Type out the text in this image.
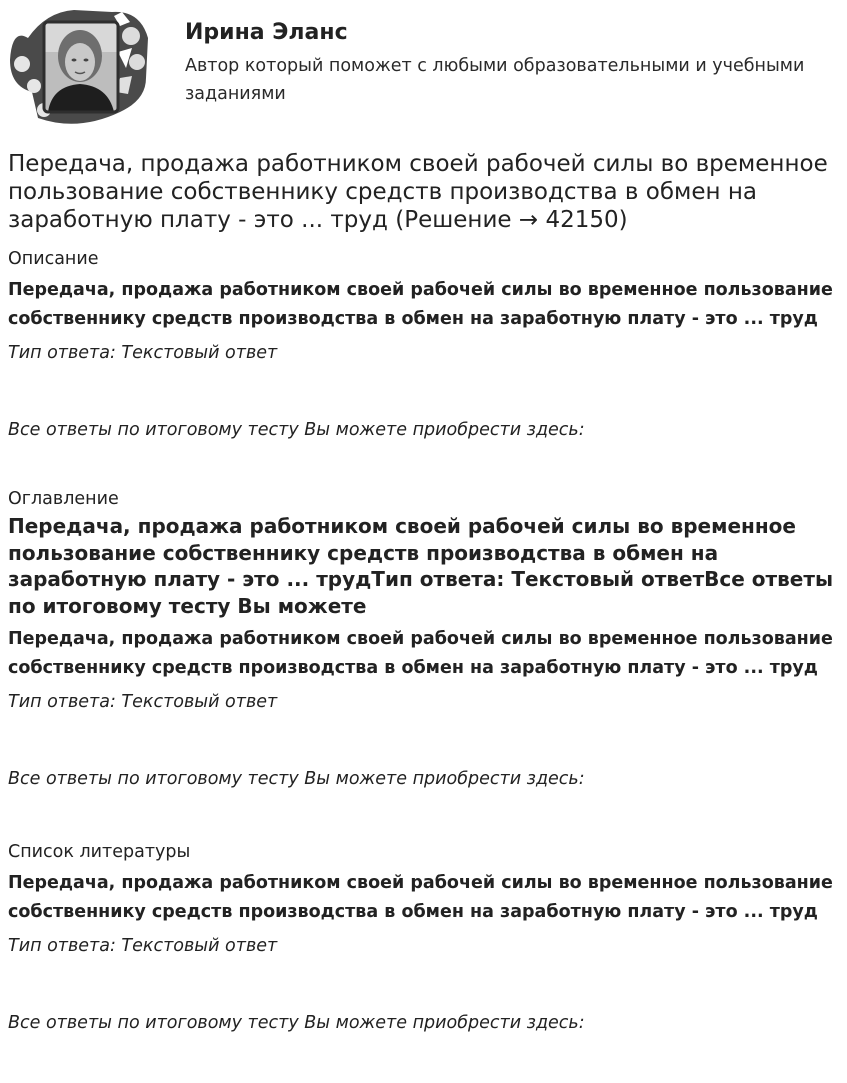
Ирина Эланс
Автор который поможет с любыми образовательными и учебными заданиями
Передача, продажа работником своей рабочей силы во временное пользование собственнику средств производства в обмен на заработную плату - это ... труд (Решение → 42150)
Описание
Передача, продажа работником своей рабочей силы во временное пользование собственнику средств производства в обмен на заработную плату - это ... труд
Тип ответа: Текстовый ответ
Все ответы по итоговому тесту Вы можете приобрести здесь:
Оглавление
Передача, продажа работником своей рабочей силы во временное пользование собственнику средств производства в обмен на заработную плату - это ... трудТип ответа: Текстовый ответВсе ответы по итоговому тесту Вы можете
Передача, продажа работником своей рабочей силы во временное пользование собственнику средств производства в обмен на заработную плату - это ... труд
Тип ответа: Текстовый ответ
Все ответы по итоговому тесту Вы можете приобрести здесь:
Список литературы
Передача, продажа работником своей рабочей силы во временное пользование собственнику средств производства в обмен на заработную плату - это ... труд
Тип ответа: Текстовый ответ
Все ответы по итоговому тесту Вы можете приобрести здесь:
